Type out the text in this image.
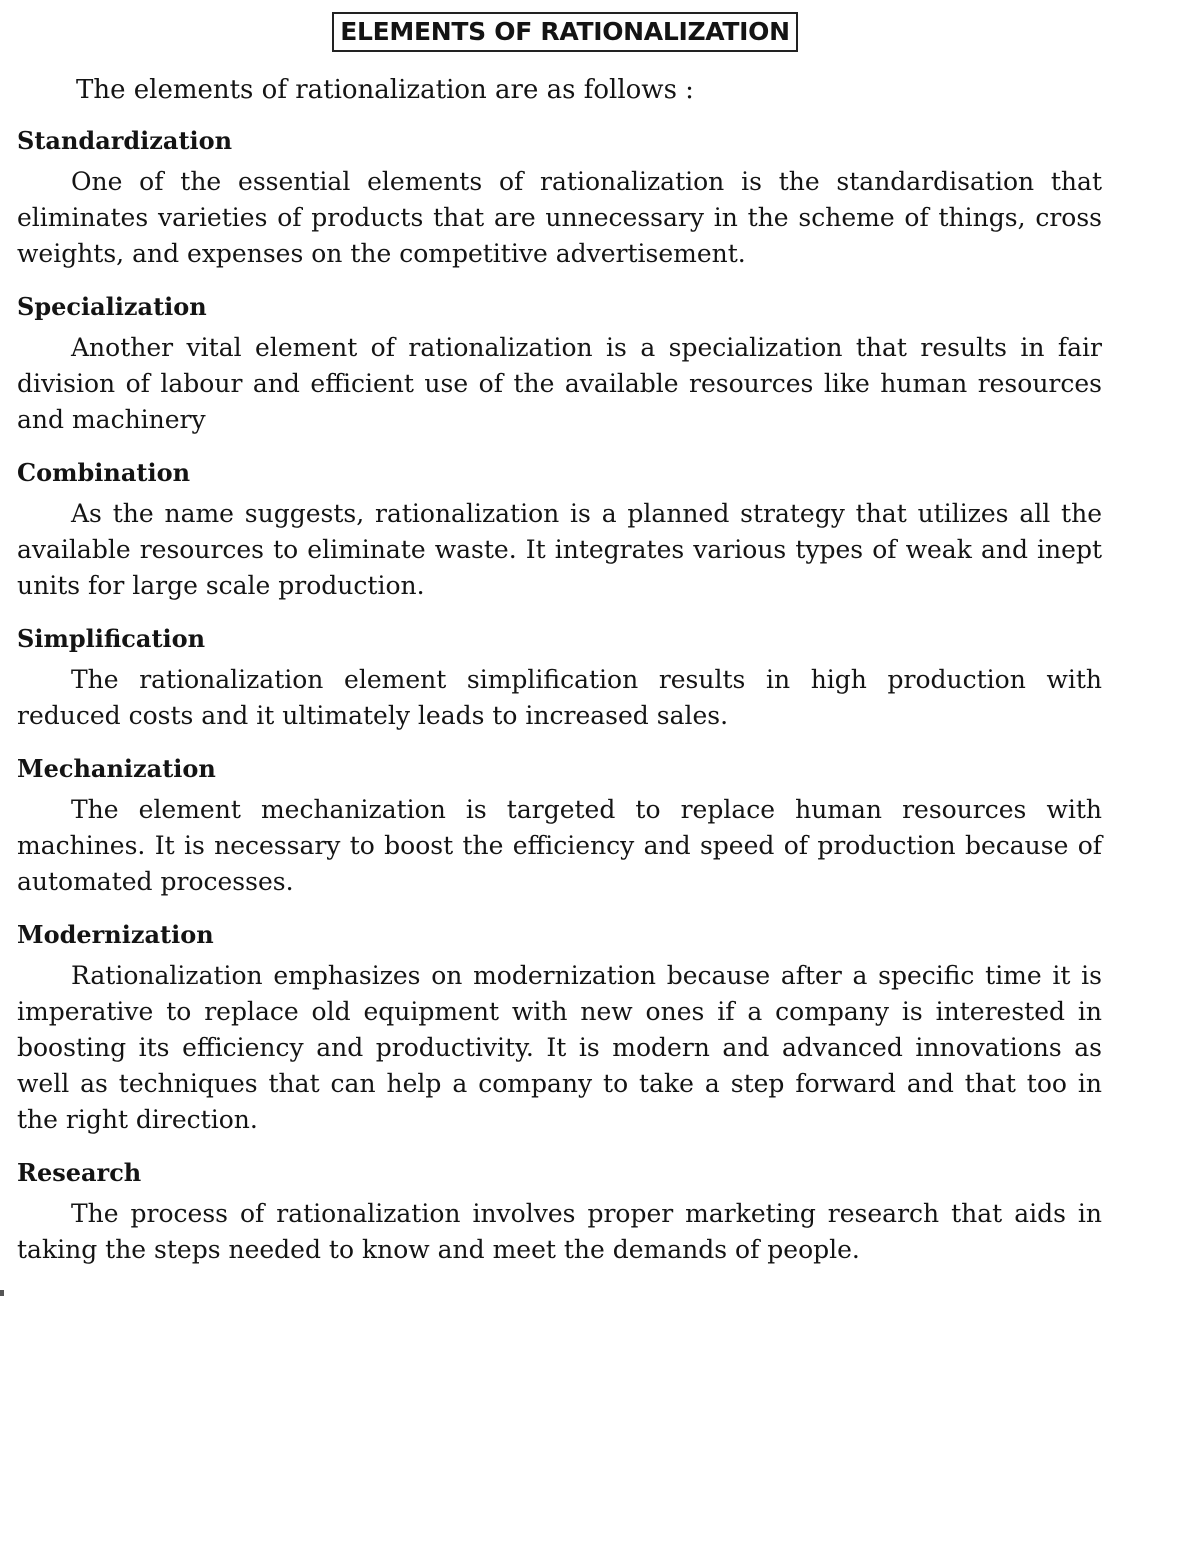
ELEMENTS OF RATIONALIZATION
The elements of rationalization are as follows :
Standardization

One of the essential elements of rationalization is the standardisation that eliminates varieties of products that are unnecessary in the scheme of things, cross weights, and expenses on the competitive advertisement.

Specialization

Another vital element of rationalization is a specialization that results in fair division of labour and efficient use of the available resources like human resources and machinery

Combination

As the name suggests, rationalization is a planned strategy that utilizes all the available resources to eliminate waste. It integrates various types of weak and inept units for large scale production.

Simplification

The rationalization element simplification results in high production with reduced costs and it ultimately leads to increased sales.

Mechanization

The element mechanization is targeted to replace human resources with machines. It is necessary to boost the efficiency and speed of production because of automated processes.

Modernization

Rationalization emphasizes on modernization because after a specific time it is imperative to replace old equipment with new ones if a company is interested in boosting its efficiency and productivity. It is modern and advanced innovations as well as techniques that can help a company to take a step forward and that too in the right direction.

Research

The process of rationalization involves proper marketing research that aids in taking the steps needed to know and meet the demands of people.
